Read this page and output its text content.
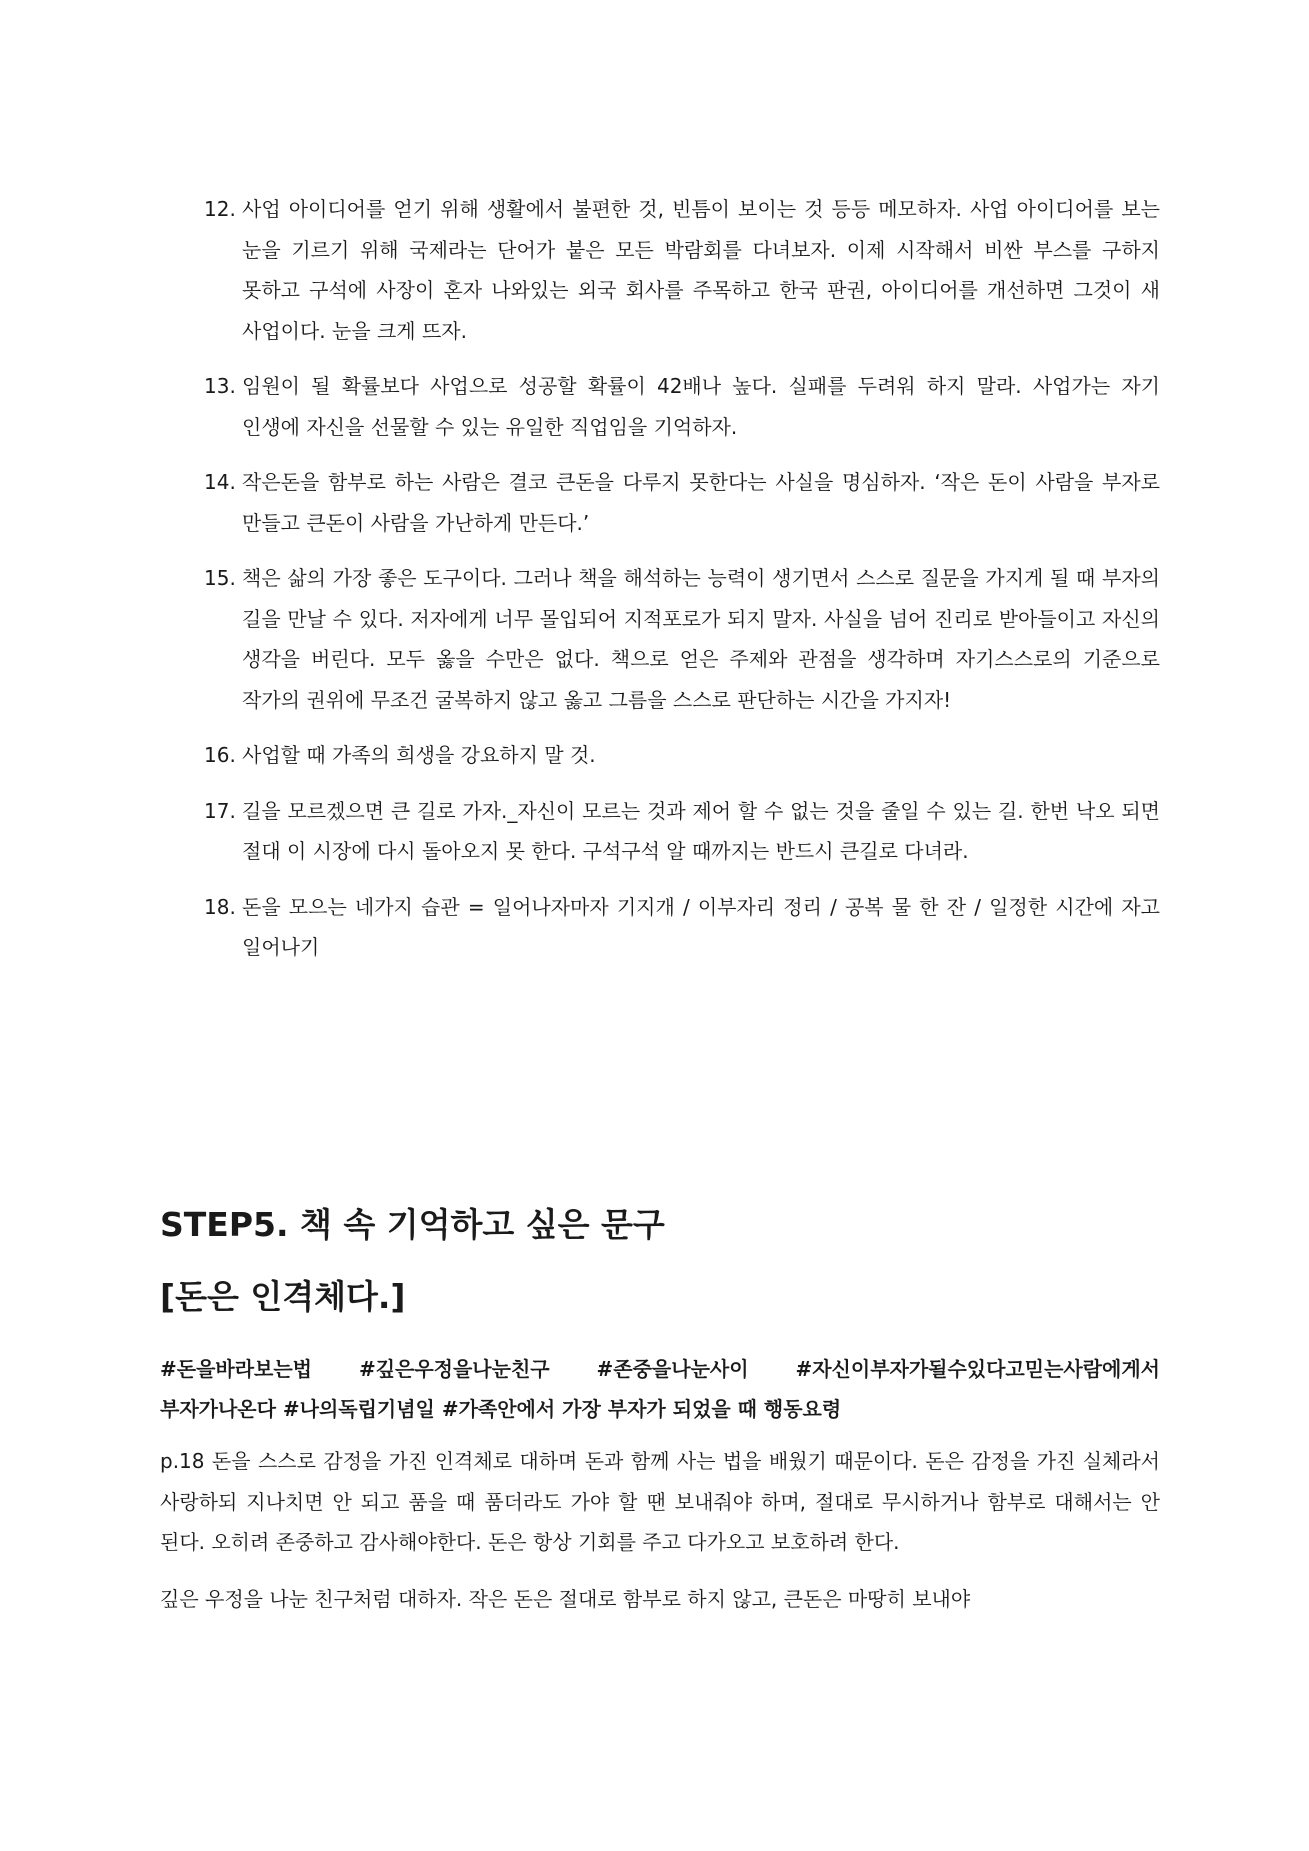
12. 사업 아이디어를 얻기 위해 생활에서 불편한 것, 빈틈이 보이는 것 등등 메모하자. 사업 아이디어를 보는 눈을 기르기 위해 국제라는 단어가 붙은 모든 박람회를 다녀보자. 이제 시작해서 비싼 부스를 구하지 못하고 구석에 사장이 혼자 나와있는 외국 회사를 주목하고 한국 판권, 아이디어를 개선하면 그것이 새 사업이다. 눈을 크게 뜨자.
13. 임원이 될 확률보다 사업으로 성공할 확률이 42배나 높다. 실패를 두려워 하지 말라. 사업가는 자기 인생에 자신을 선물할 수 있는 유일한 직업임을 기억하자.
14. 작은돈을 함부로 하는 사람은 결코 큰돈을 다루지 못한다는 사실을 명심하자. ‘작은 돈이 사람을 부자로 만들고 큰돈이 사람을 가난하게 만든다.’
15. 책은 삶의 가장 좋은 도구이다. 그러나 책을 해석하는 능력이 생기면서 스스로 질문을 가지게 될 때 부자의 길을 만날 수 있다. 저자에게 너무 몰입되어 지적포로가 되지 말자. 사실을 넘어 진리로 받아들이고 자신의 생각을 버린다. 모두 옳을 수만은 없다. 책으로 얻은 주제와 관점을 생각하며 자기스스로의 기준으로 작가의 권위에 무조건 굴복하지 않고 옳고 그름을 스스로 판단하는 시간을 가지자!
16. 사업할 때 가족의 희생을 강요하지 말 것.
17. 길을 모르겠으면 큰 길로 가자._자신이 모르는 것과 제어 할 수 없는 것을 줄일 수 있는 길. 한번 낙오 되면 절대 이 시장에 다시 돌아오지 못 한다. 구석구석 알 때까지는 반드시 큰길로 다녀라.
18. 돈을 모으는 네가지 습관 = 일어나자마자 기지개 / 이부자리 정리 / 공복 물 한 잔 / 일정한 시간에 자고 일어나기
STEP5. 책 속 기억하고 싶은 문구
[돈은 인격체다.]

#돈을바라보는법 #깊은우정을나눈친구 #존중을나눈사이 #자신이부자가될수있다고믿는사람에게서 부자가나온다 #나의독립기념일 #가족안에서 가장 부자가 되었을 때 행동요령

p.18 돈을 스스로 감정을 가진 인격체로 대하며 돈과 함께 사는 법을 배웠기 때문이다. 돈은 감정을 가진 실체라서 사랑하되 지나치면 안 되고 품을 때 품더라도 가야 할 땐 보내줘야 하며, 절대로 무시하거나 함부로 대해서는 안 된다. 오히려 존중하고 감사해야한다. 돈은 항상 기회를 주고 다가오고 보호하려 한다.

깊은 우정을 나눈 친구처럼 대하자. 작은 돈은 절대로 함부로 하지 않고, 큰돈은 마땅히 보내야
